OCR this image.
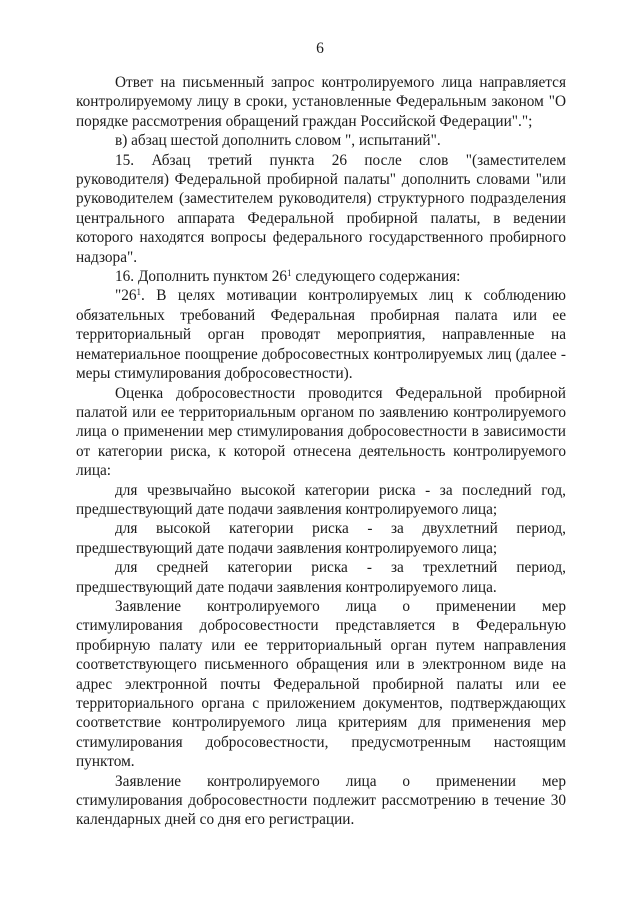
6

Ответ на письменный запрос контролируемого лица направляется контролируемому лицу в сроки, установленные Федеральным законом "О порядке рассмотрения обращений граждан Российской Федерации".";

в) абзац шестой дополнить словом ", испытаний".

15. Абзац третий пункта 26 после слов "(заместителем руководителя) Федеральной пробирной палаты" дополнить словами "или руководителем (заместителем руководителя) структурного подразделения центрального аппарата Федеральной пробирной палаты, в ведении которого находятся вопросы федерального государственного пробирного надзора".

16. Дополнить пунктом $26^1$ следующего содержания:

"$26^1$. В целях мотивации контролируемых лиц к соблюдению обязательных требований Федеральная пробирная палата или ее территориальный орган проводят мероприятия, направленные на нематериальное поощрение добросовестных контролируемых лиц (далее - меры стимулирования добросовестности).

Оценка добросовестности проводится Федеральной пробирной палатой или ее территориальным органом по заявлению контролируемого лица о применении мер стимулирования добросовестности в зависимости от категории риска, к которой отнесена деятельность контролируемого лица:

для чрезвычайно высокой категории риска - за последний год, предшествующий дате подачи заявления контролируемого лица;

для высокой категории риска - за двухлетний период, предшествующий дате подачи заявления контролируемого лица;

для средней категории риска - за трехлетний период, предшествующий дате подачи заявления контролируемого лица.

Заявление контролируемого лица о применении мер стимулирования добросовестности представляется в Федеральную пробирную палату или ее территориальный орган путем направления соответствующего письменного обращения или в электронном виде на адрес электронной почты Федеральной пробирной палаты или ее территориального органа с приложением документов, подтверждающих соответствие контролируемого лица критериям для применения мер стимулирования добросовестности, предусмотренным настоящим пунктом.

Заявление контролируемого лица о применении мер стимулирования добросовестности подлежит рассмотрению в течение 30 календарных дней со дня его регистрации.
